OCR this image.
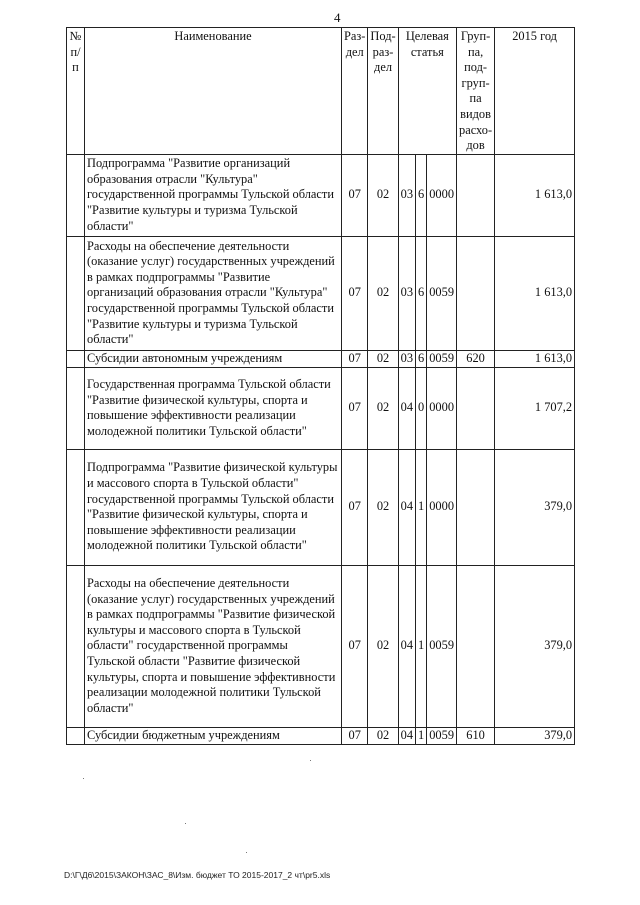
4
№ п/п	Наименование	Раз-дел	Под-раз-дел	Целевая статья			Груп-па, под-груп-па видов расхо-дов	2015 год
	Подпрограмма "Развитие организаций образования отрасли "Культура" государственной программы Тульской области "Развитие культуры и туризма Тульской области"	07	02	03	6	0000		1 613,0
	Расходы на обеспечение деятельности (оказание услуг) государственных учреждений в рамках подпрограммы "Развитие организаций образования отрасли "Культура" государственной программы Тульской области "Развитие культуры и туризма Тульской области"	07	02	03	6	0059		1 613,0
	Субсидии автономным учреждениям	07	02	03	6	0059	620	1 613,0
	Государственная программа Тульской области "Развитие физической культуры, спорта и повышение эффективности реализации молодежной политики Тульской области"	07	02	04	0	0000		1 707,2
	Подпрограмма "Развитие физической культуры и массового спорта в Тульской области" государственной программы Тульской области "Развитие физической культуры, спорта и повышение эффективности реализации молодежной политики Тульской области"	07	02	04	1	0000		379,0
	Расходы на обеспечение деятельности (оказание услуг) государственных учреждений в рамках подпрограммы "Развитие физической культуры и массового спорта в Тульской области" государственной программы Тульской области "Развитие физической культуры, спорта и повышение эффективности реализации молодежной политики Тульской области"	07	02	04	1	0059		379,0
	Субсидии бюджетным учреждениям	07	02	04	1	0059	610	379,0
D:\Г\Д6\2015\ЗАКОН\ЗАС_8\Изм. бюджет ТО 2015-2017_2 чт\pr5.xls
